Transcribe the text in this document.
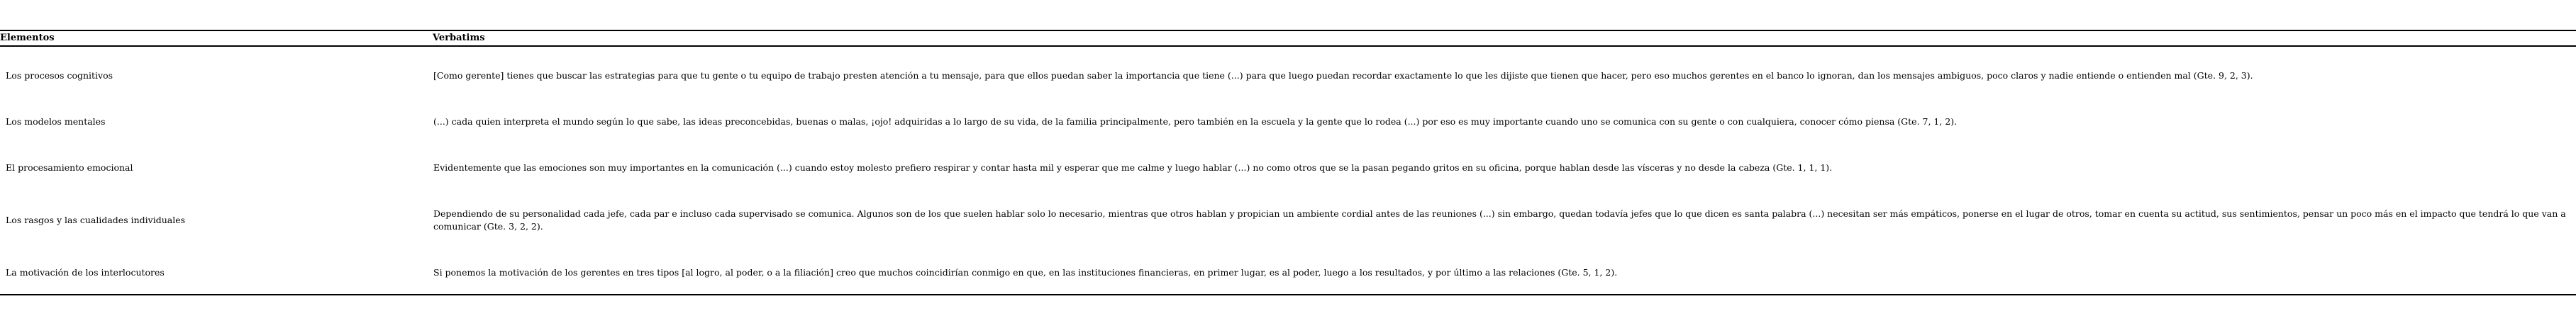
Elementos	Verbatims
Los procesos cognitivos	[Como gerente] tienes que buscar las estrategias para que tu gente o tu equipo de trabajo presten atención a tu mensaje, para que ellos puedan saber la importancia que tiene (...) para que luego puedan recordar exactamente lo que les dijiste que tienen que hacer, pero eso muchos gerentes en el banco lo ignoran, dan los mensajes ambiguos, poco claros y nadie entiende o entienden mal (Gte. 9, 2, 3).
Los modelos mentales	(...) cada quien interpreta el mundo según lo que sabe, las ideas preconcebidas, buenas o malas, ¡ojo! adquiridas a lo largo de su vida, de la familia principalmente, pero también en la escuela y la gente que lo rodea (...) por eso es muy importante cuando uno se comunica con su gente o con cualquiera, conocer cómo piensa (Gte. 7, 1, 2).
El procesamiento emocional	Evidentemente que las emociones son muy importantes en la comunicación (...) cuando estoy molesto prefiero respirar y contar hasta mil y esperar que me calme y luego hablar (...) no como otros que se la pasan pegando gritos en su oficina, porque hablan desde las vísceras y no desde la cabeza (Gte. 1, 1, 1).
Los rasgos y las cualidades individuales	Dependiendo de su personalidad cada jefe, cada par e incluso cada supervisado se comunica. Algunos son de los que suelen hablar solo lo necesario, mientras que otros hablan y propician un ambiente cordial antes de las reuniones (...) sin embargo, quedan todavía jefes que lo que dicen es santa palabra (...) necesitan ser más empáticos, ponerse en el lugar de otros, tomar en cuenta su actitud, sus sentimientos, pensar un poco más en el impacto que tendrá lo que van a comunicar (Gte. 3, 2, 2).
La motivación de los interlocutores	Si ponemos la motivación de los gerentes en tres tipos [al logro, al poder, o a la filiación] creo que muchos coincidirían conmigo en que, en las instituciones financieras, en primer lugar, es al poder, luego a los resultados, y por último a las relaciones (Gte. 5, 1, 2).
